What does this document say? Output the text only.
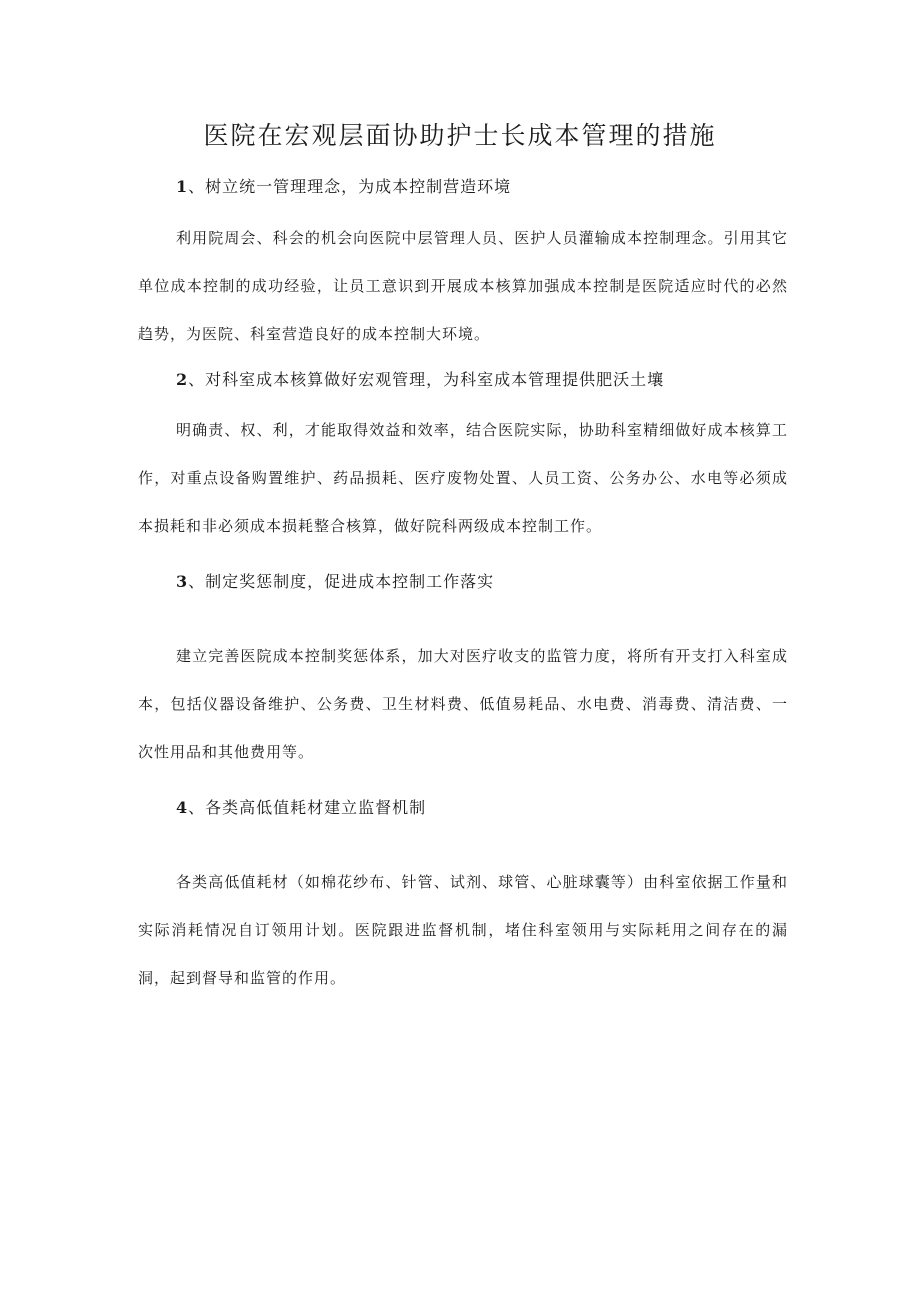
医院在宏观层面协助护士长成本管理的措施
1、树立统一管理理念，为成本控制营造环境

利用院周会、科会的机会向医院中层管理人员、医护人员灌输成本控制理念。引用其它单位成本控制的成功经验，让员工意识到开展成本核算加强成本控制是医院适应时代的必然趋势，为医院、科室营造良好的成本控制大环境。

2、对科室成本核算做好宏观管理，为科室成本管理提供肥沃土壤

明确责、权、利，才能取得效益和效率，结合医院实际，协助科室精细做好成本核算工作，对重点设备购置维护、药品损耗、医疗废物处置、人员工资、公务办公、水电等必须成本损耗和非必须成本损耗整合核算，做好院科两级成本控制工作。

3、制定奖惩制度，促进成本控制工作落实

建立完善医院成本控制奖惩体系，加大对医疗收支的监管力度，将所有开支打入科室成本，包括仪器设备维护、公务费、卫生材料费、低值易耗品、水电费、消毒费、清洁费、一次性用品和其他费用等。

4、各类高低值耗材建立监督机制

各类高低值耗材（如棉花纱布、针管、试剂、球管、心脏球囊等）由科室依据工作量和实际消耗情况自订领用计划。医院跟进监督机制，堵住科室领用与实际耗用之间存在的漏洞，起到督导和监管的作用。
